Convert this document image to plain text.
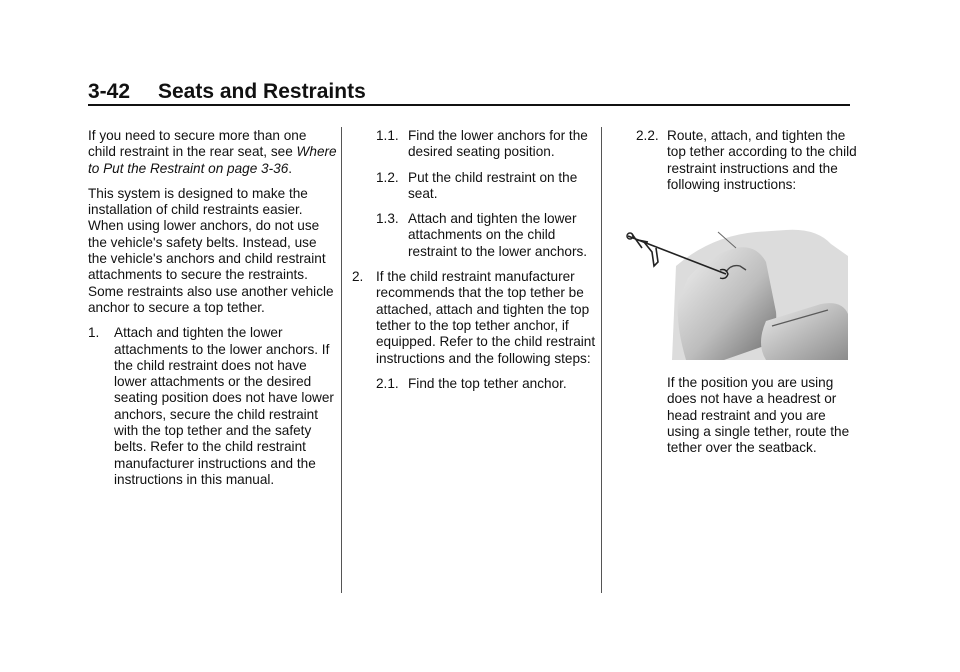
3-42 Seats and Restraints

If you need to secure more than one child restraint in the rear seat, see Where to Put the Restraint on page 3-36.

This system is designed to make the installation of child restraints easier. When using lower anchors, do not use the vehicle's safety belts. Instead, use the vehicle's anchors and child restraint attachments to secure the restraints. Some restraints also use another vehicle anchor to secure a top tether.

1. Attach and tighten the lower attachments to the lower anchors. If the child restraint does not have lower attachments or the desired seating position does not have lower anchors, secure the child restraint with the top tether and the safety belts. Refer to the child restraint manufacturer instructions and the instructions in this manual.
1.1. Find the lower anchors for the desired seating position.
1.2. Put the child restraint on the seat.
1.3. Attach and tighten the lower attachments on the child restraint to the lower anchors.
2. If the child restraint manufacturer recommends that the top tether be attached, attach and tighten the top tether to the top tether anchor, if equipped. Refer to the child restraint instructions and the following steps:
2.1. Find the top tether anchor.
2.2. Route, attach, and tighten the top tether according to the child restraint instructions and the following instructions:
If the position you are using does not have a headrest or head restraint and you are using a single tether, route the tether over the seatback.
